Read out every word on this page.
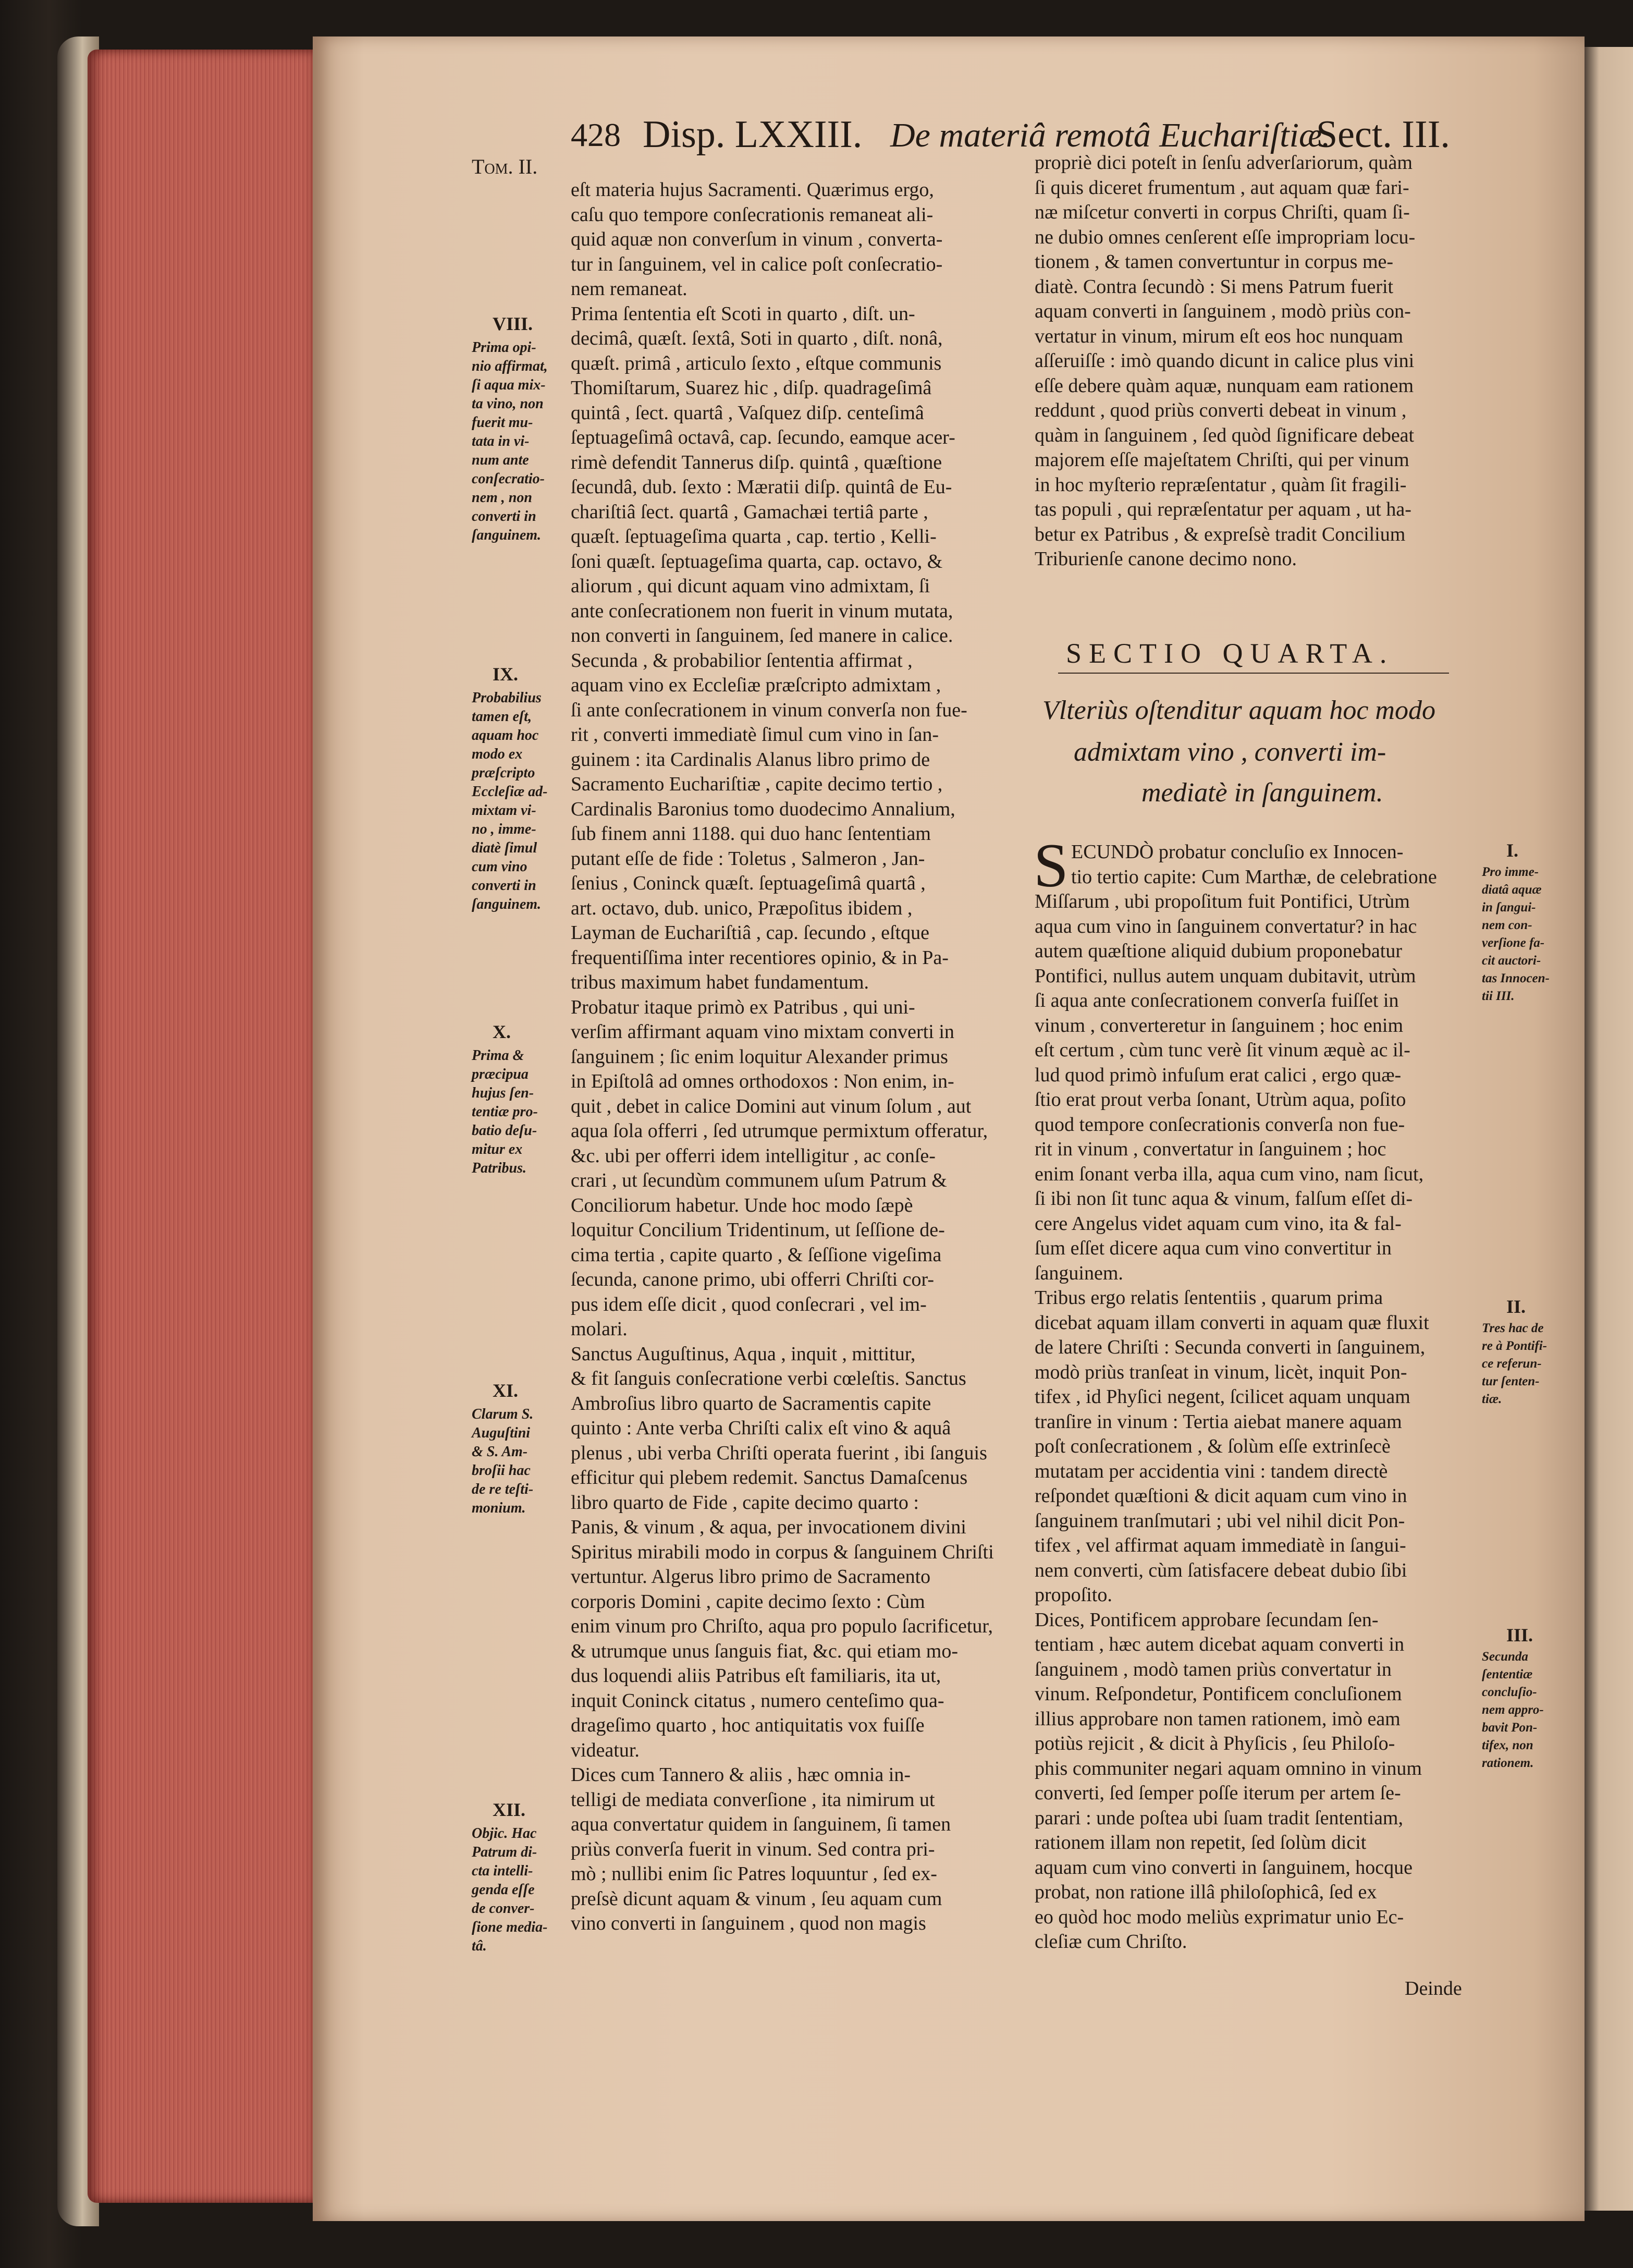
Tom. II.
428 Disp. LXXIII. De materiâ remotâ Euchariſtiæ.
Sect. III.
eſt materia hujus Sacramenti. Quærimus ergo,
caſu quo tempore conſecrationis remaneat ali-
quid aquæ non converſum in vinum , converta-
tur in ſanguinem, vel in calice poſt conſecratio-
nem remaneat.
Prima ſententia eſt Scoti in quarto , diſt. un-
decimâ, quæſt. ſextâ, Soti in quarto , diſt. nonâ,
quæſt. primâ , articulo ſexto , eſtque communis
Thomiſtarum, Suarez hic , diſp. quadrageſimâ
quintâ , ſect. quartâ , Vaſquez diſp. centeſimâ
ſeptuageſimâ octavâ, cap. ſecundo, eamque acer-
rimè defendit Tannerus diſp. quintâ , quæſtione
ſecundâ, dub. ſexto : Mæratii diſp. quintâ de Eu-
chariſtiâ ſect. quartâ , Gamachæi tertiâ parte ,
quæſt. ſeptuageſima quarta , cap. tertio , Kelli-
ſoni quæſt. ſeptuageſima quarta, cap. octavo, &
aliorum , qui dicunt aquam vino admixtam, ſi
ante conſecrationem non fuerit in vinum mutata,
non converti in ſanguinem, ſed manere in calice.
Secunda , & probabilior ſententia affirmat ,
aquam vino ex Eccleſiæ præſcripto admixtam ,
ſi ante conſecrationem in vinum converſa non fue-
rit , converti immediatè ſimul cum vino in ſan-
guinem : ita Cardinalis Alanus libro primo de
Sacramento Euchariſtiæ , capite decimo tertio ,
Cardinalis Baronius tomo duodecimo Annalium,
ſub finem anni 1188. qui duo hanc ſententiam
putant eſſe de fide : Toletus , Salmeron , Jan-
ſenius , Coninck quæſt. ſeptuageſimâ quartâ ,
art. octavo, dub. unico, Præpoſitus ibidem ,
Layman de Euchariſtiâ , cap. ſecundo , eſtque
frequentiſſima inter recentiores opinio, & in Pa-
tribus maximum habet fundamentum.
Probatur itaque primò ex Patribus , qui uni-
verſim affirmant aquam vino mixtam converti in
ſanguinem ; ſic enim loquitur Alexander primus
in Epiſtolâ ad omnes orthodoxos : Non enim, in-
quit , debet in calice Domini aut vinum ſolum , aut
aqua ſola offerri , ſed utrumque permixtum offeratur,
&c. ubi per offerri idem intelligitur , ac conſe-
crari , ut ſecundùm communem uſum Patrum &
Conciliorum habetur. Unde hoc modo ſæpè
loquitur Concilium Tridentinum, ut ſeſſione de-
cima tertia , capite quarto , & ſeſſione vigeſima
ſecunda, canone primo, ubi offerri Chriſti cor-
pus idem eſſe dicit , quod conſecrari , vel im-
molari.
Sanctus Auguſtinus, Aqua , inquit , mittitur,
& fit ſanguis conſecratione verbi cœleſtis. Sanctus
Ambroſius libro quarto de Sacramentis capite
quinto : Ante verba Chriſti calix eſt vino & aquâ
plenus , ubi verba Chriſti operata fuerint , ibi ſanguis
efficitur qui plebem redemit. Sanctus Damaſcenus
libro quarto de Fide , capite decimo quarto :
Panis, & vinum , & aqua, per invocationem divini
Spiritus mirabili modo in corpus & ſanguinem Chriſti
vertuntur. Algerus libro primo de Sacramento
corporis Domini , capite decimo ſexto : Cùm
enim vinum pro Chriſto, aqua pro populo ſacrificetur,
& utrumque unus ſanguis fiat, &c. qui etiam mo-
dus loquendi aliis Patribus eſt familiaris, ita ut,
inquit Coninck citatus , numero centeſimo qua-
drageſimo quarto , hoc antiquitatis vox fuiſſe
videatur.
Dices cum Tannero & aliis , hæc omnia in-
telligi de mediata converſione , ita nimirum ut
aqua convertatur quidem in ſanguinem, ſi tamen
priùs converſa fuerit in vinum. Sed contra pri-
mò ; nullibi enim ſic Patres loquuntur , ſed ex-
preſsè dicunt aquam & vinum , ſeu aquam cum
vino converti in ſanguinem , quod non magis
propriè dici poteſt in ſenſu adverſariorum, quàm
ſi quis diceret frumentum , aut aquam quæ fari-
næ miſcetur converti in corpus Chriſti, quam ſi-
ne dubio omnes cenſerent eſſe impropriam locu-
tionem , & tamen convertuntur in corpus me-
diatè. Contra ſecundò : Si mens Patrum fuerit
aquam converti in ſanguinem , modò priùs con-
vertatur in vinum, mirum eſt eos hoc nunquam
aſſeruiſſe : imò quando dicunt in calice plus vini
eſſe debere quàm aquæ, nunquam eam rationem
reddunt , quod priùs converti debeat in vinum ,
quàm in ſanguinem , ſed quòd ſignificare debeat
majorem eſſe majeſtatem Chriſti, qui per vinum
in hoc myſterio repræſentatur , quàm ſit fragili-
tas populi , qui repræſentatur per aquam , ut ha-
betur ex Patribus , & expreſsè tradit Concilium
Triburienſe canone decimo nono.
SECTIO QUARTA.
Vlteriùs oſtenditur aquam hoc modo
admixtam vino , converti im-
mediatè in ſanguinem.
S ECUNDÒ probatur concluſio ex Innocen-
tio tertio capite: Cum Marthæ, de celebratione
Miſſarum , ubi propoſitum fuit Pontifici, Utrùm
aqua cum vino in ſanguinem convertatur? in hac
autem quæſtione aliquid dubium proponebatur
Pontifici, nullus autem unquam dubitavit, utrùm
ſi aqua ante conſecrationem converſa fuiſſet in
vinum , converteretur in ſanguinem ; hoc enim
eſt certum , cùm tunc verè ſit vinum æquè ac il-
lud quod primò infuſum erat calici , ergo quæ-
ſtio erat prout verba ſonant, Utrùm aqua, poſito
quod tempore conſecrationis converſa non fue-
rit in vinum , convertatur in ſanguinem ; hoc
enim ſonant verba illa, aqua cum vino, nam ſicut,
ſi ibi non ſit tunc aqua & vinum, falſum eſſet di-
cere Angelus videt aquam cum vino, ita & fal-
ſum eſſet dicere aqua cum vino convertitur in
ſanguinem.
Tribus ergo relatis ſententiis , quarum prima
dicebat aquam illam converti in aquam quæ fluxit
de latere Chriſti : Secunda converti in ſanguinem,
modò priùs tranſeat in vinum, licèt, inquit Pon-
tifex , id Phyſici negent, ſcilicet aquam unquam
tranſire in vinum : Tertia aiebat manere aquam
poſt conſecrationem , & ſolùm eſſe extrinſecè
mutatam per accidentia vini : tandem directè
reſpondet quæſtioni & dicit aquam cum vino in
ſanguinem tranſmutari ; ubi vel nihil dicit Pon-
tifex , vel affirmat aquam immediatè in ſangui-
nem converti, cùm ſatisfacere debeat dubio ſibi
propoſito.
Dices, Pontificem approbare ſecundam ſen-
tentiam , hæc autem dicebat aquam converti in
ſanguinem , modò tamen priùs convertatur in
vinum. Reſpondetur, Pontificem concluſionem
illius approbare non tamen rationem, imò eam
potiùs rejicit , & dicit à Phyſicis , ſeu Philoſo-
phis communiter negari aquam omnino in vinum
converti, ſed ſemper poſſe iterum per artem ſe-
parari : unde poſtea ubi ſuam tradit ſententiam,
rationem illam non repetit, ſed ſolùm dicit
aquam cum vino converti in ſanguinem, hocque
probat, non ratione illâ philoſophicâ, ſed ex
eo quòd hoc modo meliùs exprimatur unio Ec-
cleſiæ cum Chriſto.
Deinde
VIII.
Prima opi-
nio affirmat,
ſi aqua mix-
ta vino, non
fuerit mu-
tata in vi-
num ante
conſecratio-
nem , non
converti in
ſanguinem.
IX.
Probabilius
tamen eſt,
aquam hoc
modo ex
præſcripto
Eccleſiæ ad-
mixtam vi-
no , imme-
diatè ſimul
cum vino
converti in
ſanguinem.
X.
Prima &
præcipua
hujus ſen-
tentiæ pro-
batio deſu-
mitur ex
Patribus.
XI.
Clarum S.
Auguſtini
& S. Am-
broſii hac
de re teſti-
monium.
XII.
Objic. Hac
Patrum di-
cta intelli-
genda eſſe
de conver-
ſione media-
tâ.
I.
Pro imme-
diatâ aquæ
in ſangui-
nem con-
verſione fa-
cit auctori-
tas Innocen-
tii III.
II.
Tres hac de
re à Pontifi-
ce referun-
tur ſenten-
tiæ.
III.
Secunda
ſententiæ
concluſio-
nem appro-
bavit Pon-
tifex, non
rationem.
